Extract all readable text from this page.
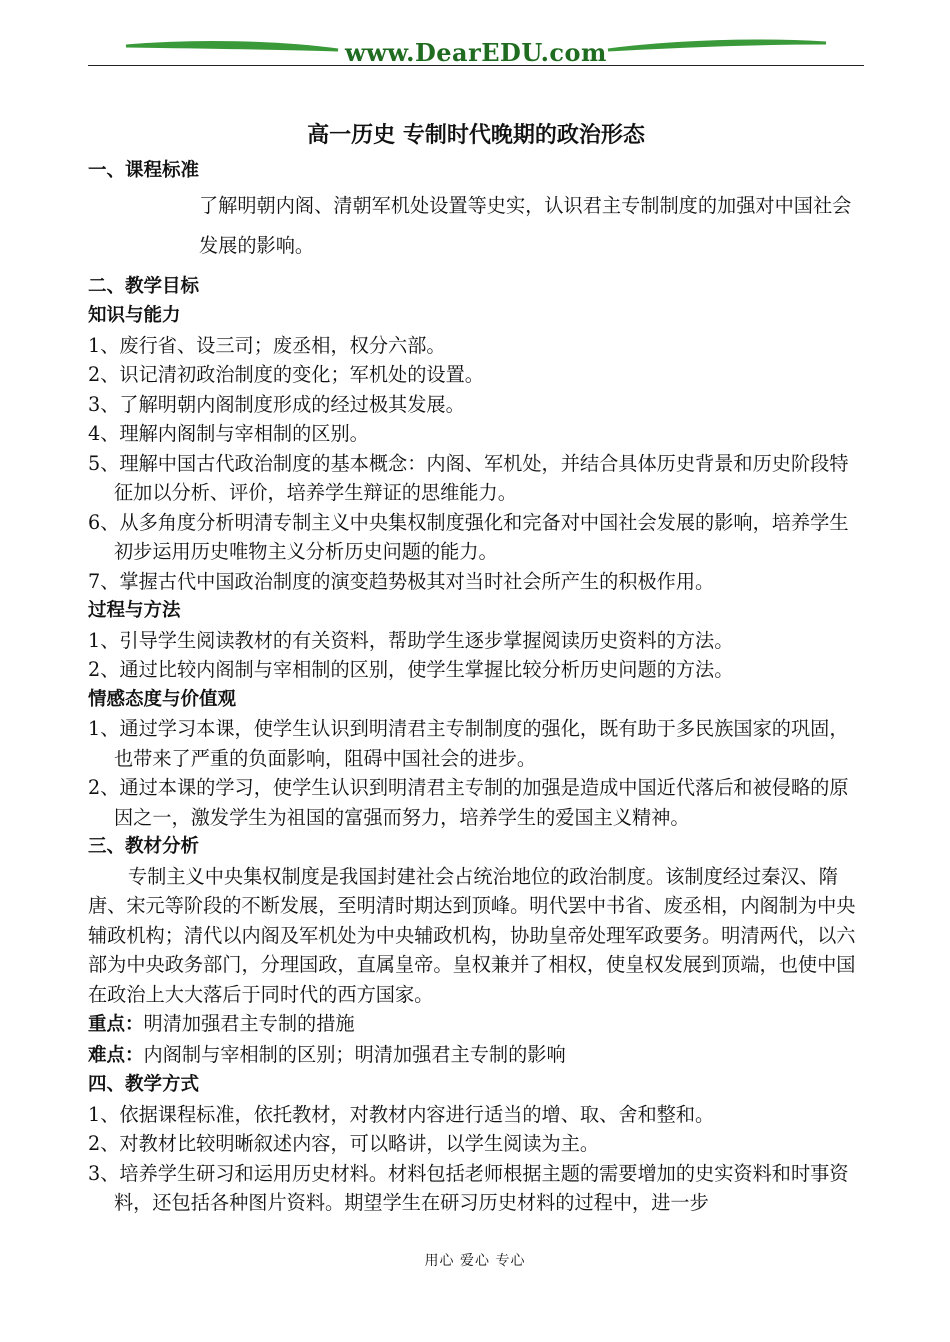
www.DearEDU.com

高一历史 专制时代晚期的政治形态

一、课程标准

了解明朝内阁、清朝军机处设置等史实，认识君主专制制度的加强对中国社会发展的影响。

二、教学目标

知识与能力

1、废行省、设三司；废丞相，权分六部。

2、识记清初政治制度的变化；军机处的设置。

3、了解明朝内阁制度形成的经过极其发展。

4、理解内阁制与宰相制的区别。

5、理解中国古代政治制度的基本概念：内阁、军机处，并结合具体历史背景和历史阶段特征加以分析、评价，培养学生辩证的思维能力。

6、从多角度分析明清专制主义中央集权制度强化和完备对中国社会发展的影响，培养学生初步运用历史唯物主义分析历史问题的能力。

7、掌握古代中国政治制度的演变趋势极其对当时社会所产生的积极作用。

过程与方法

1、引导学生阅读教材的有关资料，帮助学生逐步掌握阅读历史资料的方法。

2、通过比较内阁制与宰相制的区别，使学生掌握比较分析历史问题的方法。

情感态度与价值观

1、通过学习本课，使学生认识到明清君主专制制度的强化，既有助于多民族国家的巩固，也带来了严重的负面影响，阻碍中国社会的进步。

2、通过本课的学习，使学生认识到明清君主专制的加强是造成中国近代落后和被侵略的原因之一，激发学生为祖国的富强而努力，培养学生的爱国主义精神。

三、教材分析

专制主义中央集权制度是我国封建社会占统治地位的政治制度。该制度经过秦汉、隋唐、宋元等阶段的不断发展，至明清时期达到顶峰。明代罢中书省、废丞相，内阁制为中央辅政机构；清代以内阁及军机处为中央辅政机构，协助皇帝处理军政要务。明清两代，以六部为中央政务部门，分理国政，直属皇帝。皇权兼并了相权，使皇权发展到顶端，也使中国在政治上大大落后于同时代的西方国家。

重点：明清加强君主专制的措施

难点：内阁制与宰相制的区别；明清加强君主专制的影响

四、教学方式

1、依据课程标准，依托教材，对教材内容进行适当的增、取、舍和整和。

2、对教材比较明晰叙述内容，可以略讲，以学生阅读为主。

3、培养学生研习和运用历史材料。材料包括老师根据主题的需要增加的史实资料和时事资料，还包括各种图片资料。期望学生在研习历史材料的过程中，进一步

用心 爱心 专心
